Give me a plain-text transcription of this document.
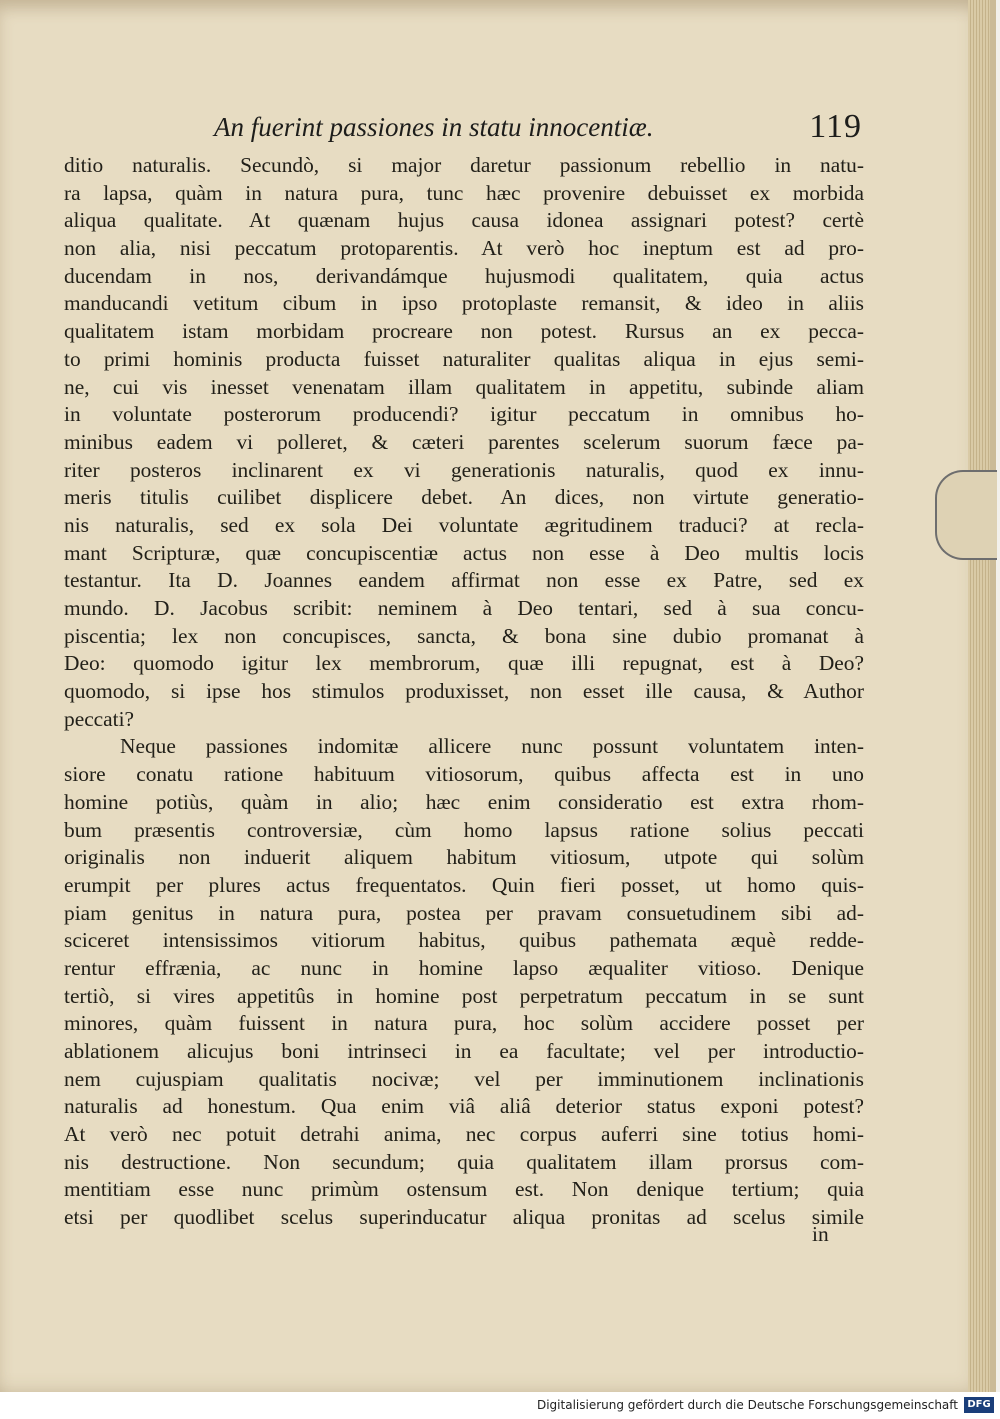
An fuerint passiones in statu innocentiæ.	119
ditio naturalis. Secundò, si major daretur passionum rebellio in natu-
ra lapsa, quàm in natura pura, tunc hæc provenire debuisset ex morbida
aliqua qualitate. At quænam hujus causa idonea assignari potest? certè
non alia, nisi peccatum protoparentis. At verò hoc ineptum est ad pro-
ducendam in nos, derivandámque hujusmodi qualitatem, quia actus
manducandi vetitum cibum in ipso protoplaste remansit, & ideo in aliis
qualitatem istam morbidam procreare non potest. Rursus an ex pecca-
to primi hominis producta fuisset naturaliter qualitas aliqua in ejus semi-
ne, cui vis inesset venenatam illam qualitatem in appetitu, subinde aliam
in voluntate posterorum producendi? igitur peccatum in omnibus ho-
minibus eadem vi polleret, & cæteri parentes scelerum suorum fæce pa-
riter posteros inclinarent ex vi generationis naturalis, quod ex innu-
meris titulis cuilibet displicere debet. An dices, non virtute generatio-
nis naturalis, sed ex sola Dei voluntate ægritudinem traduci? at recla-
mant Scripturæ, quæ concupiscentiæ actus non esse à Deo multis locis
testantur. Ita D. Joannes eandem affirmat non esse ex Patre, sed ex
mundo. D. Jacobus scribit: neminem à Deo tentari, sed à sua concu-
piscentia; lex non concupisces, sancta, & bona sine dubio promanat à
Deo: quomodo igitur lex membrorum, quæ illi repugnat, est à Deo?
quomodo, si ipse hos stimulos produxisset, non esset ille causa, & Author
peccati?
Neque passiones indomitæ allicere nunc possunt voluntatem inten-
siore conatu ratione habituum vitiosorum, quibus affecta est in uno
homine potiùs, quàm in alio; hæc enim consideratio est extra rhom-
bum præsentis controversiæ, cùm homo lapsus ratione solius peccati
originalis non induerit aliquem habitum vitiosum, utpote qui solùm
erumpit per plures actus frequentatos. Quin fieri posset, ut homo quis-
piam genitus in natura pura, postea per pravam consuetudinem sibi ad-
sciceret intensissimos vitiorum habitus, quibus pathemata æquè redde-
rentur effrænia, ac nunc in homine lapso æqualiter vitioso. Denique
tertiò, si vires appetitûs in homine post perpetratum peccatum in se sunt
minores, quàm fuissent in natura pura, hoc solùm accidere posset per
ablationem alicujus boni intrinseci in ea facultate; vel per introductio-
nem cujuspiam qualitatis nocivæ; vel per imminutionem inclinationis
naturalis ad honestum. Qua enim viâ aliâ deterior status exponi potest?
At verò nec potuit detrahi anima, nec corpus auferri sine totius homi-
nis destructione. Non secundum; quia qualitatem illam prorsus com-
mentitiam esse nunc primùm ostensum est. Non denique tertium; quia
etsi per quodlibet scelus superinducatur aliqua pronitas ad scelus simile
in
Digitalisierung gefördert durch die Deutsche Forschungsgemeinschaft DFG
